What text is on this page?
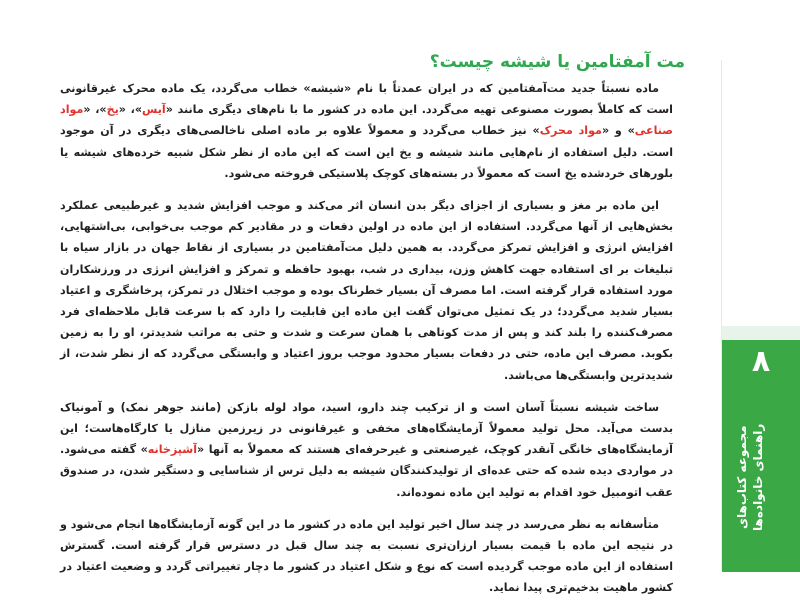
مت آمفتامین یا شیشه چیست؟

ماده نسبتاً جدید مت‌آمفتامین که در ایران عمدتاً با نام «شیشه» خطاب می‌گردد، یک ماده محرک غیرقانونی است که کاملاً بصورت مصنوعی تهیه می‌گردد. این ماده در کشور ما با نام‌های دیگری مانند «آیس»، «یخ»، «مواد صناعی» و «مواد محرک» نیز خطاب می‌گردد و معمولاً علاوه بر ماده اصلی ناخالصی‌های دیگری در آن موجود است. دلیل استفاده از نام‌هایی مانند شیشه و یخ این است که این ماده از نظر شکل شبیه خرده‌های شیشه یا بلورهای خردشده یخ است که معمولاً در بسته‌های کوچک پلاستیکی فروخته می‌شود.

این ماده بر مغز و بسیاری از اجزای دیگر بدن انسان اثر می‌کند و موجب افزایش شدید و غیرطبیعی عملکرد بخش‌هایی از آنها می‌گردد. استفاده از این ماده در اولین دفعات و در مقادیر کم موجب بی‌خوابی، بی‌اشتهایی، افزایش انرژی و افزایش تمرکز می‌گردد. به همین دلیل مت‌آمفتامین در بسیاری از نقاط جهان در بازار سیاه با تبلیغات بر ای استفاده جهت کاهش وزن، بیداری در شب، بهبود حافظه و تمرکز و افزایش انرژی در ورزشکاران مورد استفاده قرار گرفته است. اما مصرف آن بسیار خطرناک بوده و موجب اختلال در تمرکز، پرخاشگری و اعتیاد بسیار شدید می‌گردد؛ در یک تمثیل می‌توان گفت این ماده این قابلیت را دارد که با سرعت قابل ملاحظه‌ای فرد مصرف‌کننده را بلند کند و پس از مدت کوتاهی با همان سرعت و شدت و حتی به مراتب شدیدتر، او را به زمین بکوبد. مصرف این ماده، حتی در دفعات بسیار محدود موجب بروز اعتیاد و وابستگی می‌گردد که از نظر شدت، از شدیدترین وابستگی‌ها می‌باشد.

ساخت شیشه نسبتاً آسان است و از ترکیب چند دارو، اسید، مواد لوله بازکن (مانند جوهر نمک) و آمونیاک بدست می‌آید. محل تولید معمولاً آزمایشگاه‌های مخفی و غیرقانونی در زیرزمین منازل یا کارگاه‌هاست؛ این آزمایشگاه‌های خانگی آنقدر کوچک، غیرصنعتی و غیرحرفه‌ای هستند که معمولاً به آنها «آشپزخانه» گفته می‌شود. در مواردی دیده شده که حتی عده‌ای از تولیدکنندگان شیشه به دلیل ترس از شناسایی و دستگیر شدن، در صندوق عقب اتومبیل خود اقدام به تولید این ماده نموده‌اند.

متأسفانه به نظر می‌رسد در چند سال اخیر تولید این ماده در کشور ما در این گونه آزمایشگاه‌ها انجام می‌شود و در نتیجه این ماده با قیمت بسیار ارزان‌تری نسبت به چند سال قبل در دسترس قرار گرفته است. گسترش استفاده از این ماده موجب گردیده است که نوع و شکل اعتیاد در کشور ما دچار تغییراتی گردد و وضعیت اعتیاد در کشور ماهیت بدخیم‌تری پیدا نماید.

۸
مجموعه کتاب‌های راهنمای خانواده‌ها
